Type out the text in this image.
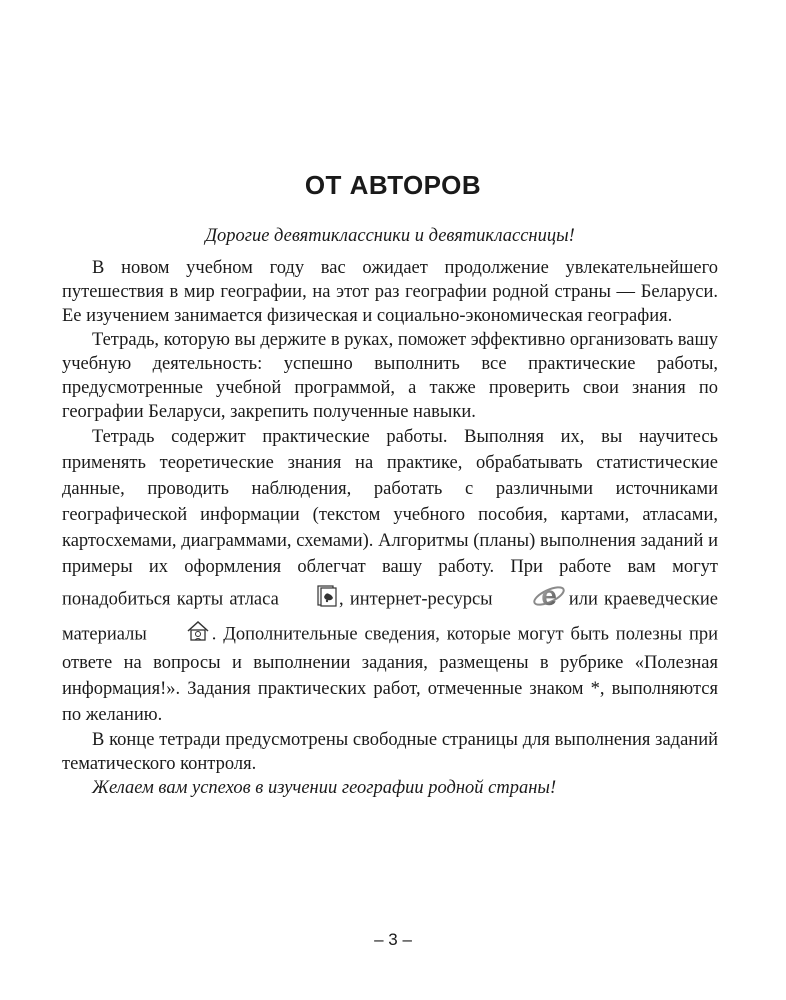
ОТ АВТОРОВ

Дорогие девятиклассники и девятиклассницы!

В новом учебном году вас ожидает продолжение увлекательнейшего путешествия в мир географии, на этот раз географии родной страны — Беларуси. Ее изучением занимается физическая и социально-экономическая география.

Тетрадь, которую вы держите в руках, поможет эффективно организовать вашу учебную деятельность: успешно выполнить все практические работы, предусмотренные учебной программой, а также проверить свои знания по географии Беларуси, закрепить полученные навыки.

Тетрадь содержит практические работы. Выполняя их, вы научитесь применять теоретические знания на практике, обрабатывать статистические данные, проводить наблюдения, работать с различными источниками географической информации (текстом учебного пособия, картами, атласами, картосхемами, диаграммами, схемами). Алгоритмы (планы) выполнения заданий и примеры их оформления облегчат вашу работу. При работе вам могут понадобиться карты атласа	, интернет-ресурсы e или краеведческие материалы	. Дополнительные сведения, которые могут быть полезны при ответе на вопросы и выполнении задания, размещены в рубрике «Полезная информация!». Задания практических работ, отмеченные знаком *, выполняются по желанию.

В конце тетради предусмотрены свободные страницы для выполнения заданий тематического контроля.

Желаем вам успехов в изучении географии родной страны!

– 3 –
